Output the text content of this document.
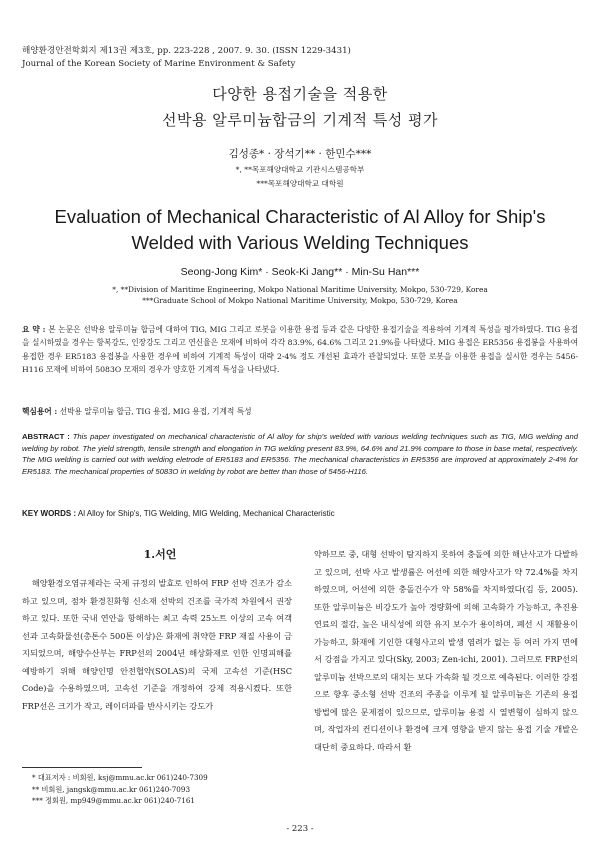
해양환경안전학회지 제13권 제3호, pp. 223-228 , 2007. 9. 30. (ISSN 1229-3431)
Journal of the Korean Society of Marine Environment & Safety
다양한 용접기술을 적용한
선박용 알루미늄합금의 기계적 특성 평가
김성종* · 장석기** · 한민수***
*, **목포해양대학교 기관시스템공학부
***목포해양대학교 대학원
Evaluation of Mechanical Characteristic of Al Alloy for Ship's
Welded with Various Welding Techniques
Seong-Jong Kim* · Seok-Ki Jang** · Min-Su Han***
*, **Division of Maritime Engineering, Mokpo National Maritime University, Mokpo, 530-729, Korea
***Graduate School of Mokpo National Maritime University, Mokpo, 530-729, Korea
요 약 : 본 논문은 선박용 알루미늄 합금에 대하여 TIG, MIG 그리고 로봇을 이용한 용접 등과 같은 다양한 용접기술을 적용하여 기계적 특성을 평가하였다. TIG 용접을 실시하였을 경우는 항복강도, 인장강도 그리고 연신율은 모재에 비하여 각각 83.9%, 64.6% 그리고 21.9%를 나타냈다. MIG 용접은 ER5356 용접봉을 사용하여 용접한 경우 ER5183 용접봉을 사용한 경우에 비하여 기계적 특성이 대략 2-4% 정도 개선된 효과가 관찰되었다. 또한 로봇을 이용한 용접을 실시한 경우는 5456-H116 모재에 비하여 5083O 모재의 경우가 양호한 기계적 특성을 나타냈다.
핵심용어 : 선박용 알루미늄 합금, TIG 용접, MIG 용접, 기계적 특성
ABSTRACT : This paper investigated on mechanical characteristic of Al alloy for ship's welded with various welding techniques such as TIG, MIG welding and welding by robot. The yield strength, tensile strength and elongation in TIG welding present 83.9%, 64.6% and 21.9% compare to those in base metal, respectively. The MIG welding is carried out with welding eletrode of ER5183 and ER5356. The mechanical characteristics in ER5356 are improved at approximately 2-4% for ER5183. The mechanical properties of 5083O in welding by robot are better than those of 5456-H116.
KEY WORDS : Al Alloy for Ship's, TIG Welding, MIG Welding, Mechanical Characteristic
1.서언

해양환경오염규제라는 국제 규정의 발효로 인하여 FRP 선박 건조가 감소하고 있으며, 점차 환경친화형 신소재 선박의 건조를 국가적 차원에서 권장하고 있다. 또한 국내 연안을 항해하는 최고 속력 25노트 이상의 고속 여객선과 고속화물선(총톤수 500톤 이상)은 화재에 취약한 FRP 재질 사용이 금지되었으며, 해양수산부는 FRP선의 2004년 해상화재로 인한 인명피해를 예방하기 위해 해양인명 안전협약(SOLAS)의 국제 고속선 기준(HSC Code)을 수용하였으며, 고속선 기준을 개정하여 강제 적용시켰다. 또한 FRP선은 크기가 작고, 레이더파를 반사시키는 강도가

약하므로 중, 대형 선박이 탐지하지 못하여 충돌에 의한 해난사고가 다발하고 있으며, 선박 사고 발생률은 어선에 의한 해양사고가 약 72.4%를 차지하였으며, 어선에 의한 충돌건수가 약 58%를 차지하였다(김 등, 2005). 또한 알루미늄은 비강도가 높아 경량화에 의해 고속화가 가능하고, 추진용 연료의 절감, 높은 내식성에 의한 유지 보수가 용이하며, 폐선 시 재활용이 가능하고, 화재에 기인한 대형사고의 발생 염려가 없는 등 여러 가지 면에서 강점을 가지고 있다(Sky, 2003; Zen-ichi, 2001). 그러므로 FRP선의 알루미늄 선박으로의 대치는 보다 가속화 될 것으로 예측된다. 이러한 강점으로 향후 중소형 선박 건조의 주종을 이루게 될 알루미늄은 기존의 용접 방법에 많은 문제점이 있으므로, 알루미늄 용접 시 열변형이 심하지 않으며, 작업자의 컨디션이나 환경에 크게 영향을 받지 않는 용접 기술 개발은 대단히 중요하다. 따라서 환

* 대표저자 : 비회원, ksj@mmu.ac.kr 061)240-7309
** 비회원, jangsk@mmu.ac.kr 061)240-7093
*** 정회원, mp949@mmu.ac.kr 061)240-7161
- 223 -
